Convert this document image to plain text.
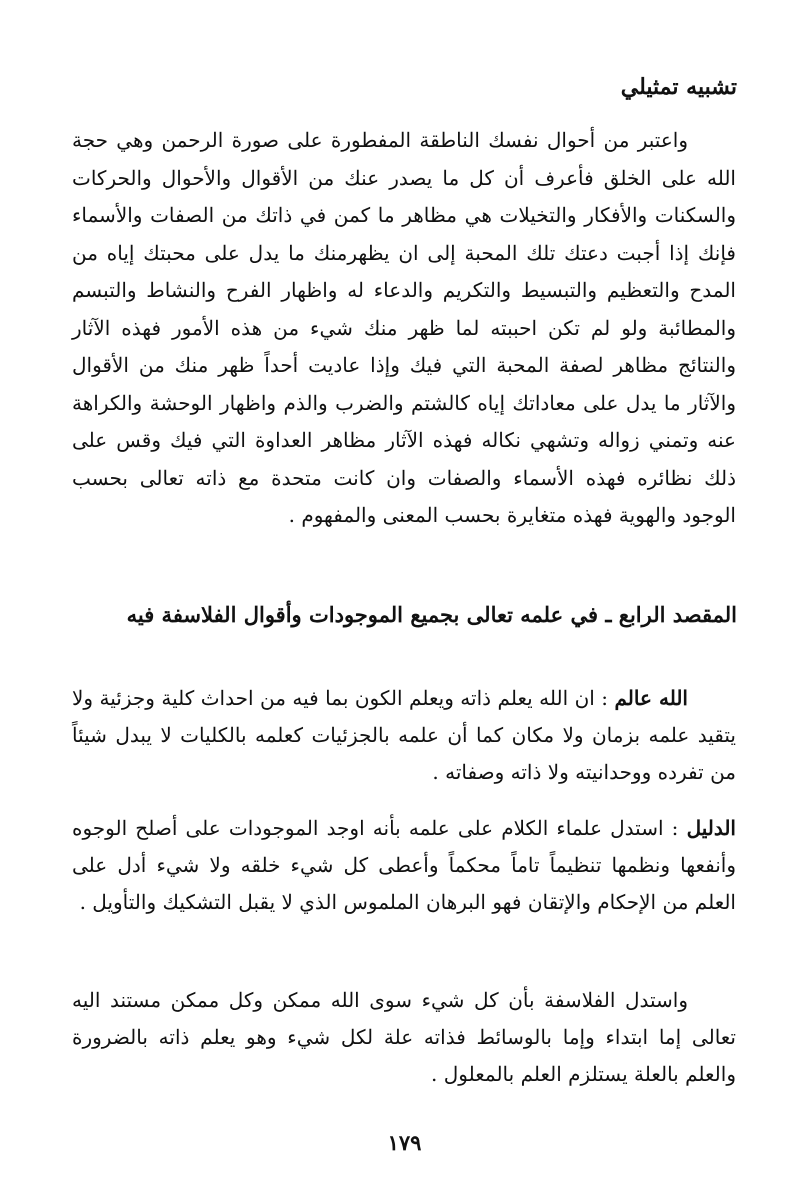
تشبيه تمثيلي
واعتبر من أحوال نفسك الناطقة المفطورة على صورة الرحمن وهي حجة الله على الخلق فأعرف أن كل ما يصدر عنك من الأقوال والأحوال والحركات والسكنات والأفكار والتخيلات هي مظاهر ما كمن في ذاتك من الصفات والأسماء فإنك إذا أجبت دعتك تلك المحبة إلى ان يظهرمنك ما يدل على محبتك إياه من المدح والتعظيم والتبسيط والتكريم والدعاء له واظهار الفرح والنشاط والتبسم والمطائبة ولو لم تكن احببته لما ظهر منك شيء من هذه الأمور فهذه الآثار والنتائج مظاهر لصفة المحبة التي فيك وإذا عاديت أحداً ظهر منك من الأقوال والآثار ما يدل على معاداتك إياه كالشتم والضرب والذم واظهار الوحشة والكراهة عنه وتمني زواله وتشهي نكاله فهذه الآثار مظاهر العداوة التي فيك وقس على ذلك نظائره فهذه الأسماء والصفات وان كانت متحدة مع ذاته تعالى بحسب الوجود والهوية فهذه متغايرة بحسب المعنى والمفهوم .
المقصد الرابع ـ في علمه تعالى بجميع الموجودات وأقوال الفلاسفة فيه
الله عالم : ان الله يعلم ذاته ويعلم الكون بما فيه من احداث كلية وجزئية ولا يتقيد علمه بزمان ولا مكان كما أن علمه بالجزئيات كعلمه بالكليات لا يبدل شيئاً من تفرده ووحدانيته ولا ذاته وصفاته .
الدليل : استدل علماء الكلام على علمه بأنه اوجد الموجودات على أصلح الوجوه وأنفعها ونظمها تنظيماً تاماً محكماً وأعطى كل شيء خلقه ولا شيء أدل على العلم من الإحكام والإتقان فهو البرهان الملموس الذي لا يقبل التشكيك والتأويل .
واستدل الفلاسفة بأن كل شيء سوى الله ممكن وكل ممكن مستند اليه تعالى إما ابتداء وإما بالوسائط فذاته علة لكل شيء وهو يعلم ذاته بالضرورة والعلم بالعلة يستلزم العلم بالمعلول .
١٧٩
